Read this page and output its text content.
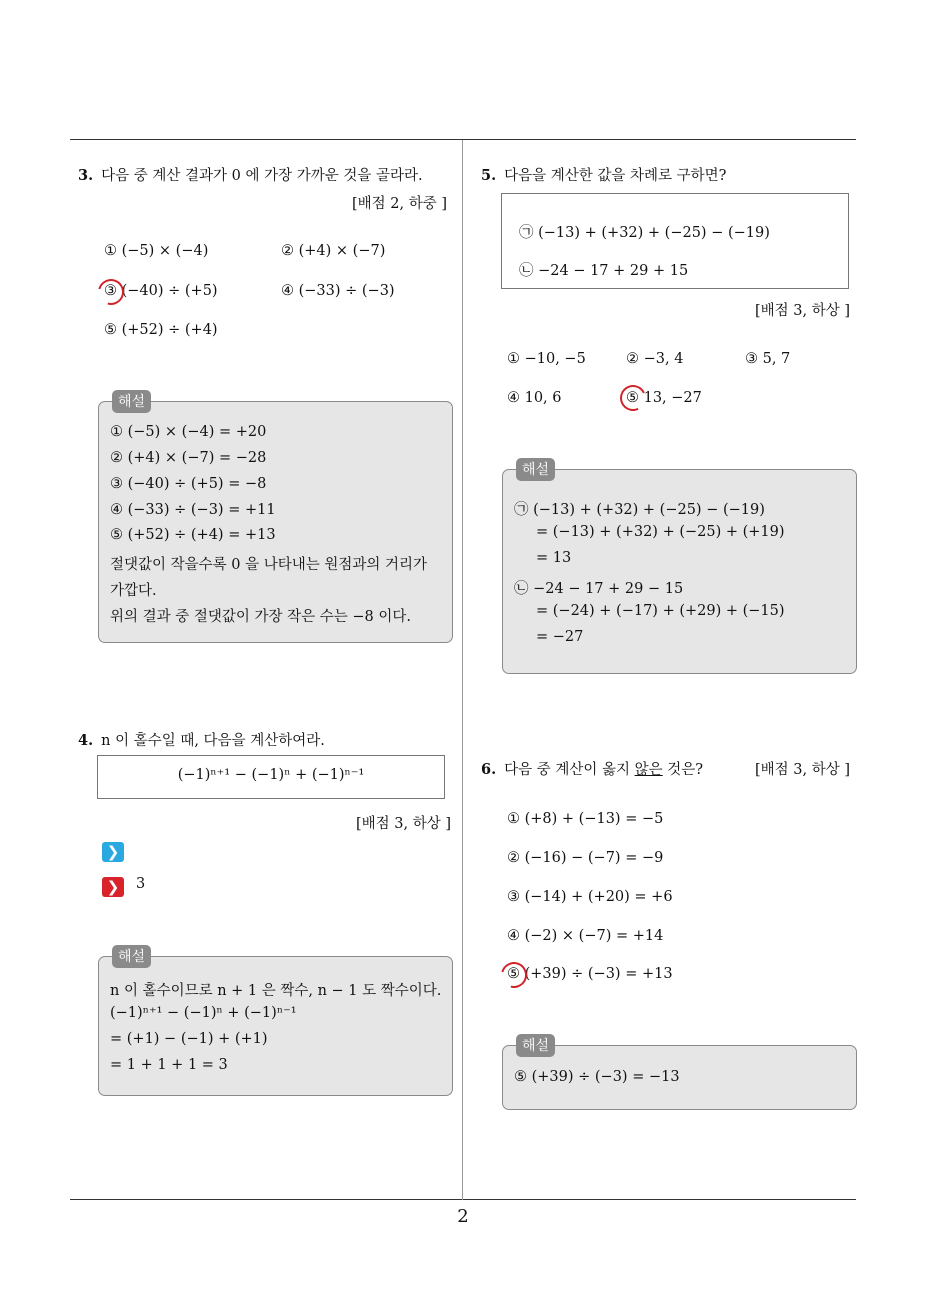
3. 다음 중 계산 결과가 0 에 가장 가까운 것을 골라라.
[배점 2, 하중 ]
① (−5) × (−4)	② (+4) × (−7)
③ (−40) ÷ (+5)	④ (−33) ÷ (−3)
⑤ (+52) ÷ (+4)
① (−5) × (−4) = +20
② (+4) × (−7) = −28
③ (−40) ÷ (+5) = −8
④ (−33) ÷ (−3) = +11
⑤ (+52) ÷ (+4) = +13
절댓값이 작을수록 0 을 나타내는 원점과의 거리가
가깝다.
위의 결과 중 절댓값이 가장 작은 수는 −8 이다.
해설
4. n 이 홀수일 때, 다음을 계산하여라.
(−1)ⁿ⁺¹ − (−1)ⁿ + (−1)ⁿ⁻¹
[배점 3, 하상 ]
❯
❯	3
n 이 홀수이므로 n + 1 은 짝수, n − 1 도 짝수이다.
(−1)ⁿ⁺¹ − (−1)ⁿ + (−1)ⁿ⁻¹
= (+1) − (−1) + (+1)
= 1 + 1 + 1 = 3
해설
5. 다음을 계산한 값을 차례로 구하면?
㉠ (−13) + (+32) + (−25) − (−19)
㉡ −24 − 17 + 29 + 15
[배점 3, 하상 ]
① −10, −5	② −3, 4	③ 5, 7
④ 10, 6	⑤ 13, −27
㉠ (−13) + (+32) + (−25) − (−19)
= (−13) + (+32) + (−25) + (+19)
= 13
㉡ −24 − 17 + 29 − 15
= (−24) + (−17) + (+29) + (−15)
= −27
해설
6. 다음 중 계산이 옳지 않은 것은?	[배점 3, 하상 ]
① (+8) + (−13) = −5
② (−16) − (−7) = −9
③ (−14) + (+20) = +6
④ (−2) × (−7) = +14
⑤ (+39) ÷ (−3) = +13
⑤ (+39) ÷ (−3) = −13
해설
2
